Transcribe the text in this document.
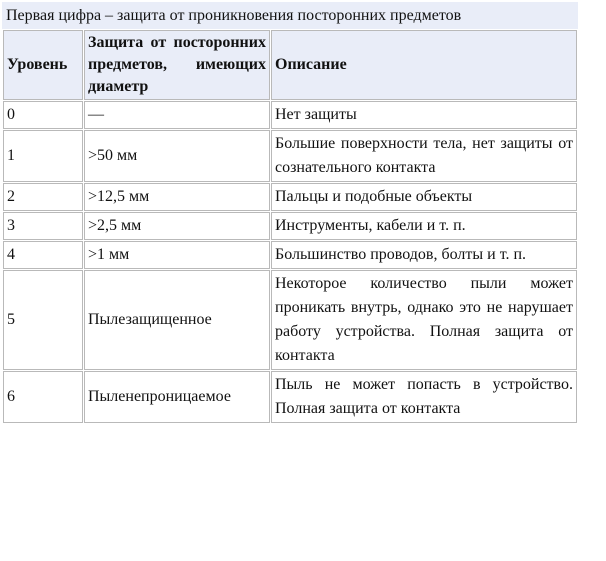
Первая цифра – защита от проникновения посторонних предметов
Уровень	Защита от посторонних предметов, имеющих диаметр	Описание
0	—	Нет защиты
1	>50 мм	Большие поверхности тела, нет защиты от сознательного контакта
2	>12,5 мм	Пальцы и подобные объекты
3	>2,5 мм	Инструменты, кабели и т. п.
4	>1 мм	Большинство проводов, болты и т. п.
5	Пылезащищенное	Некоторое количество пыли может проникать внутрь, однако это не нарушает работу устройства. Полная защита от контакта
6	Пыленепроницаемое	Пыль не может попасть в устройство. Полная защита от контакта
